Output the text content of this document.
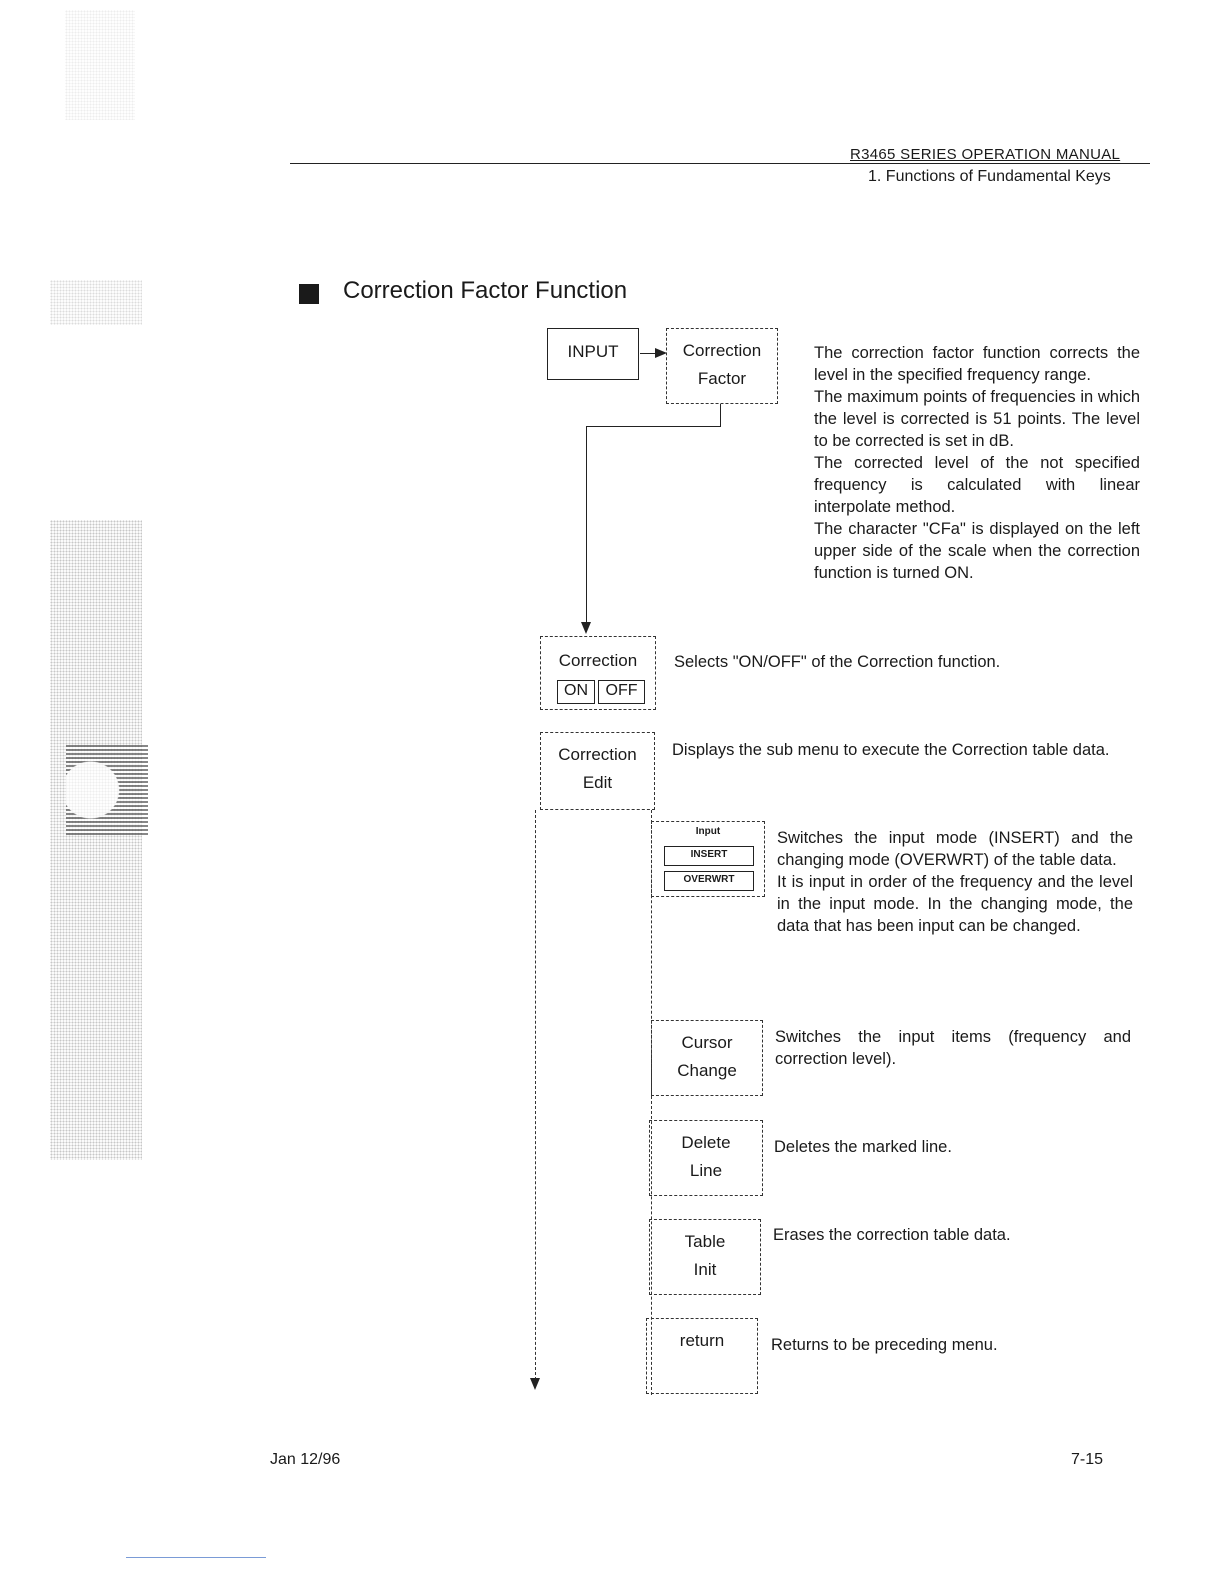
R3465 SERIES OPERATION MANUAL
1. Functions of Fundamental Keys
Correction Factor Function
INPUT	Correction
Factor

The correction factor function corrects the level in the specified frequency range.

The maximum points of frequencies in which the level is corrected is 51 points. The level to be corrected is set in dB.

The corrected level of the not specified frequency is calculated with linear interpolate method.

The character "CFa" is displayed on the left upper side of the scale when the correction function is turned ON.

Correction
ON	OFF
Selects "ON/OFF" of the Correction function.
Correction
Edit
Displays the sub menu to execute the Correction table data.
Input
INSERT
OVERWRT

Switches the input mode (INSERT) and the changing mode (OVERWRT) of the table data.

It is input in order of the frequency and the level in the input mode. In the changing mode, the data that has been input can be changed.

Cursor
Change
Switches the input items (frequency and correction level).
Delete
Line
Deletes the marked line.
Table
Init
Erases the correction table data.
return	Returns to be preceding menu.
Jan 12/96	7-15
